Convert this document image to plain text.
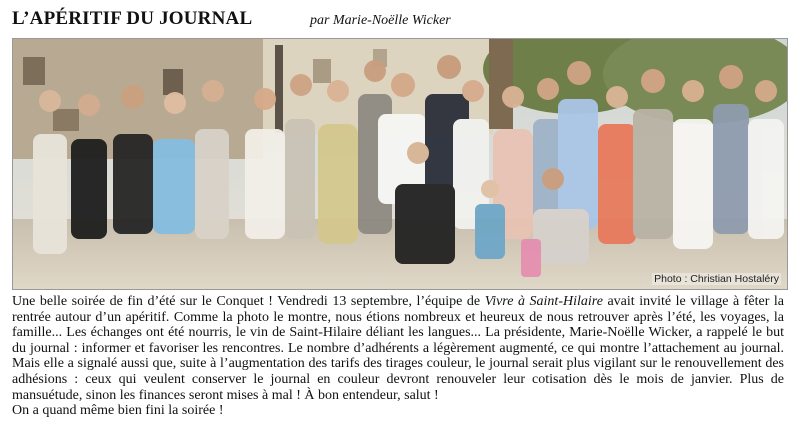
L’APÉRITIF DU JOURNAL	par Marie-Noëlle Wicker
Photo : Christian Hostaléry

Une belle soirée de fin d’été sur le Conquet ! Vendredi 13 septembre, l’équipe de Vivre à Saint-Hilaire avait invité le village à fêter la rentrée autour d’un apéritif. Comme la photo le montre, nous étions nombreux et heureux de nous retrouver après l’été, les voyages, la famille... Les échanges ont été nourris, le vin de Saint-Hilaire déliant les langues... La présidente, Marie-Noëlle Wicker, a rappelé le but du journal : informer et favoriser les rencontres. Le nombre d’adhérents a légèrement augmenté, ce qui montre l’attachement au journal. Mais elle a signalé aussi que, suite à l’augmentation des tarifs des tirages couleur, le journal serait plus vigilant sur le renouvellement des adhésions : ceux qui veulent conserver le journal en couleur devront renouveler leur cotisation dès le mois de janvier. Plus de mansuétude, sinon les finances seront mises à mal ! À bon entendeur, salut !

On a quand même bien fini la soirée !
